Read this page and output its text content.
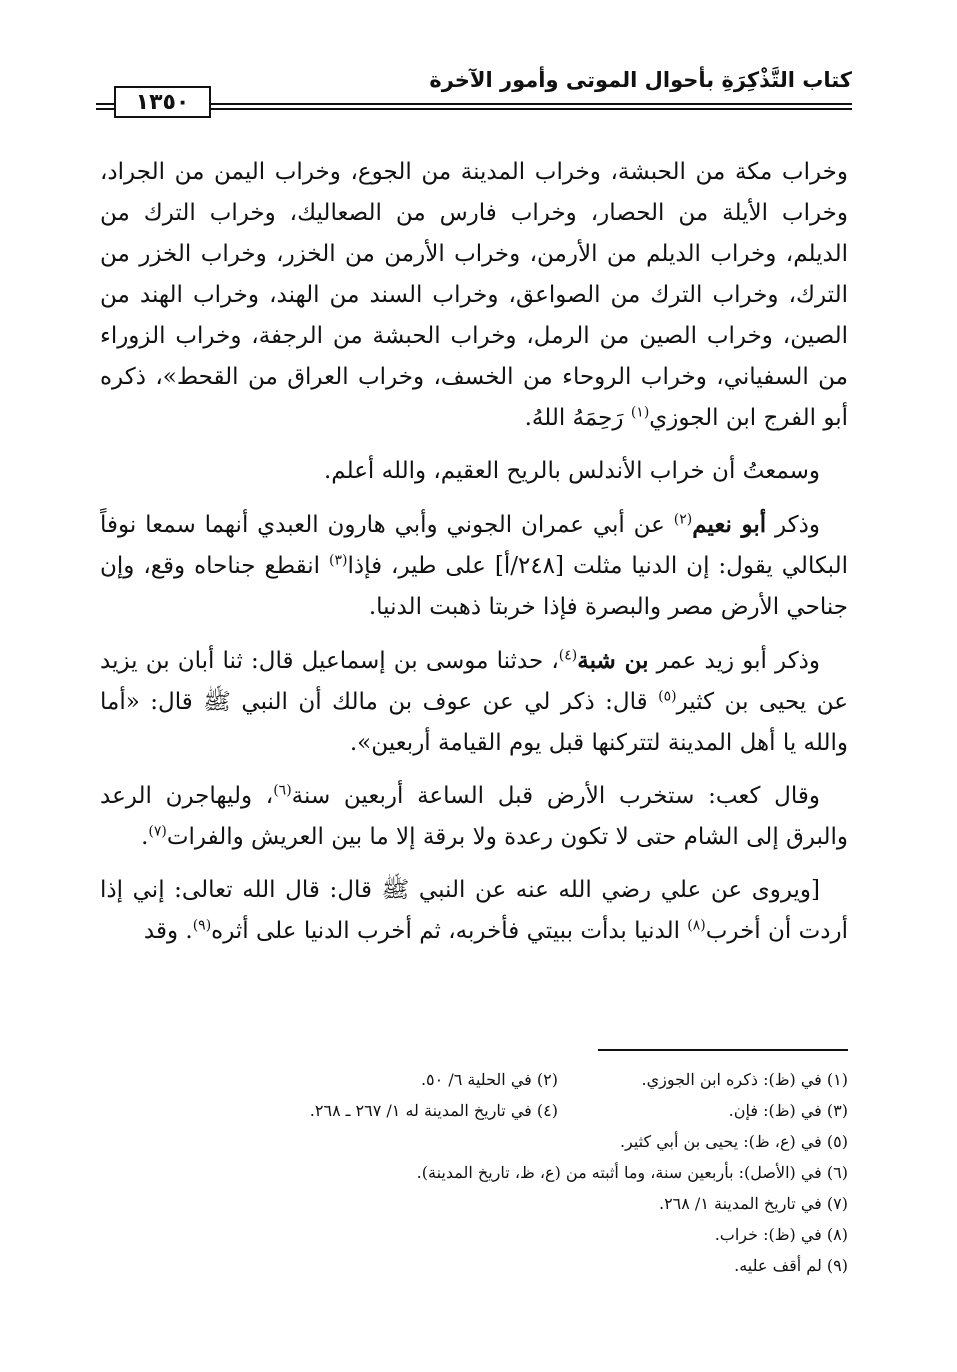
كتاب التَّذْكِرَةِ بأحوال الموتى وأمور الآخرة
١٣٥٠

وخراب مكة من الحبشة، وخراب المدينة من الجوع، وخراب اليمن من الجراد، وخراب الأيلة من الحصار، وخراب فارس من الصعاليك، وخراب الترك من الديلم، وخراب الديلم من الأرمن، وخراب الأرمن من الخزر، وخراب الخزر من الترك، وخراب الترك من الصواعق، وخراب السند من الهند، وخراب الهند من الصين، وخراب الصين من الرمل، وخراب الحبشة من الرجفة، وخراب الزوراء من السفياني، وخراب الروحاء من الخسف، وخراب العراق من القحط»، ذكره أبو الفرج ابن الجوزي$^{(١)}$ رَحِمَهُ اللهُ.

وسمعتُ أن خراب الأندلس بالريح العقيم، والله أعلم.

وذكر أبو نعيم$^{(٢)}$ عن أبي عمران الجوني وأبي هارون العبدي أنهما سمعا نوفاً البكالي يقول: إن الدنيا مثلت [٢٤٨/أ] على طير، فإذا$^{(٣)}$ انقطع جناحاه وقع، وإن جناحي الأرض مصر والبصرة فإذا خربتا ذهبت الدنيا.

وذكر أبو زيد عمر بن شبة$^{(٤)}$، حدثنا موسى بن إسماعيل قال: ثنا أبان بن يزيد عن يحيى بن كثير$^{(٥)}$ قال: ذكر لي عن عوف بن مالك أن النبي ﷺ قال: «أما والله يا أهل المدينة لتتركنها قبل يوم القيامة أربعين».

وقال كعب: ستخرب الأرض قبل الساعة أربعين سنة$^{(٦)}$، وليهاجرن الرعد والبرق إلى الشام حتى لا تكون رعدة ولا برقة إلا ما بين العريش والفرات$^{(٧)}$.

[ويروى عن علي رضي الله عنه عن النبي ﷺ قال: قال الله تعالى: إني إذا أردت أن أخرب$^{(٨)}$ الدنيا بدأت ببيتي فأخربه، ثم أخرب الدنيا على أثره$^{(٩)}$. وقد

(١) في (ظ): ذكره ابن الجوزي.
(٢) في الحلية ٦/ ٥٠.
(٣) في (ظ): فإن.
(٤) في تاريخ المدينة له ١/ ٢٦٧ ـ ٢٦٨.
(٥) في (ع، ظ): يحيى بن أبي كثير.
(٦) في (الأصل): بأربعين سنة، وما أثبته من (ع، ظ، تاريخ المدينة).
(٧) في تاريخ المدينة ١/ ٢٦٨.
(٨) في (ظ): خراب.
(٩) لم أقف عليه.
